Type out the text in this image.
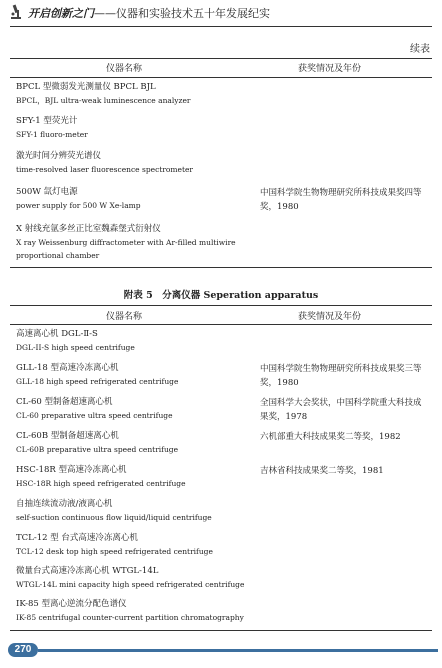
开启创新之门——仪器和实验技术五十年发展纪实
续表
仪器名称	获奖情况及年份
BPCL 型微弱发光测量仪 BPCL BJL
BPCL，BJL ultra-weak luminescence analyzer
SFY-1 型荧光计
SFY-1 fluoro-meter
激光时间分辨荧光谱仪
time-resolved laser fluorescence spectrometer
500W 氙灯电源
power supply for 500 W Xe-lamp
中国科学院生物物理研究所科技成果奖四等奖，1980
X 射线充氩多丝正比室魏森堡式衍射仪
X ray Weissenburg diffractometer with Ar-filled multiwire proportional chamber
附表 5　分离仪器 Seperation apparatus
仪器名称	获奖情况及年份
高速离心机 DGL-Ⅱ-S
DGL-II-S high speed centrifuge
GLL-18 型高速冷冻离心机
GLL-18 high speed refrigerated centrifuge
中国科学院生物物理研究所科技成果奖三等奖，1980
CL-60 型制备超速离心机
CL-60 preparative ultra speed centrifuge
全国科学大会奖状，中国科学院重大科技成果奖，1978
CL-60B 型制备超速离心机
CL-60B preparative ultra speed centrifuge
六机部重大科技成果奖二等奖，1982
HSC-18R 型高速冷冻离心机
HSC-18R high speed refrigerated centrifuge
吉林省科技成果奖二等奖，1981
自抽连续流动液/液离心机
self-suction continuous flow liquid/liquid centrifuge
TCL-12 型 台式高速冷冻离心机
TCL-12 desk top high speed refrigerated centrifuge
微量台式高速冷冻离心机 WTGL-14L
WTGL-14L mini capacity high speed refrigerated centrifuge
IK-85 型离心逆流分配色谱仪
IK-85 centrifugal counter-current partition chromatography
270
